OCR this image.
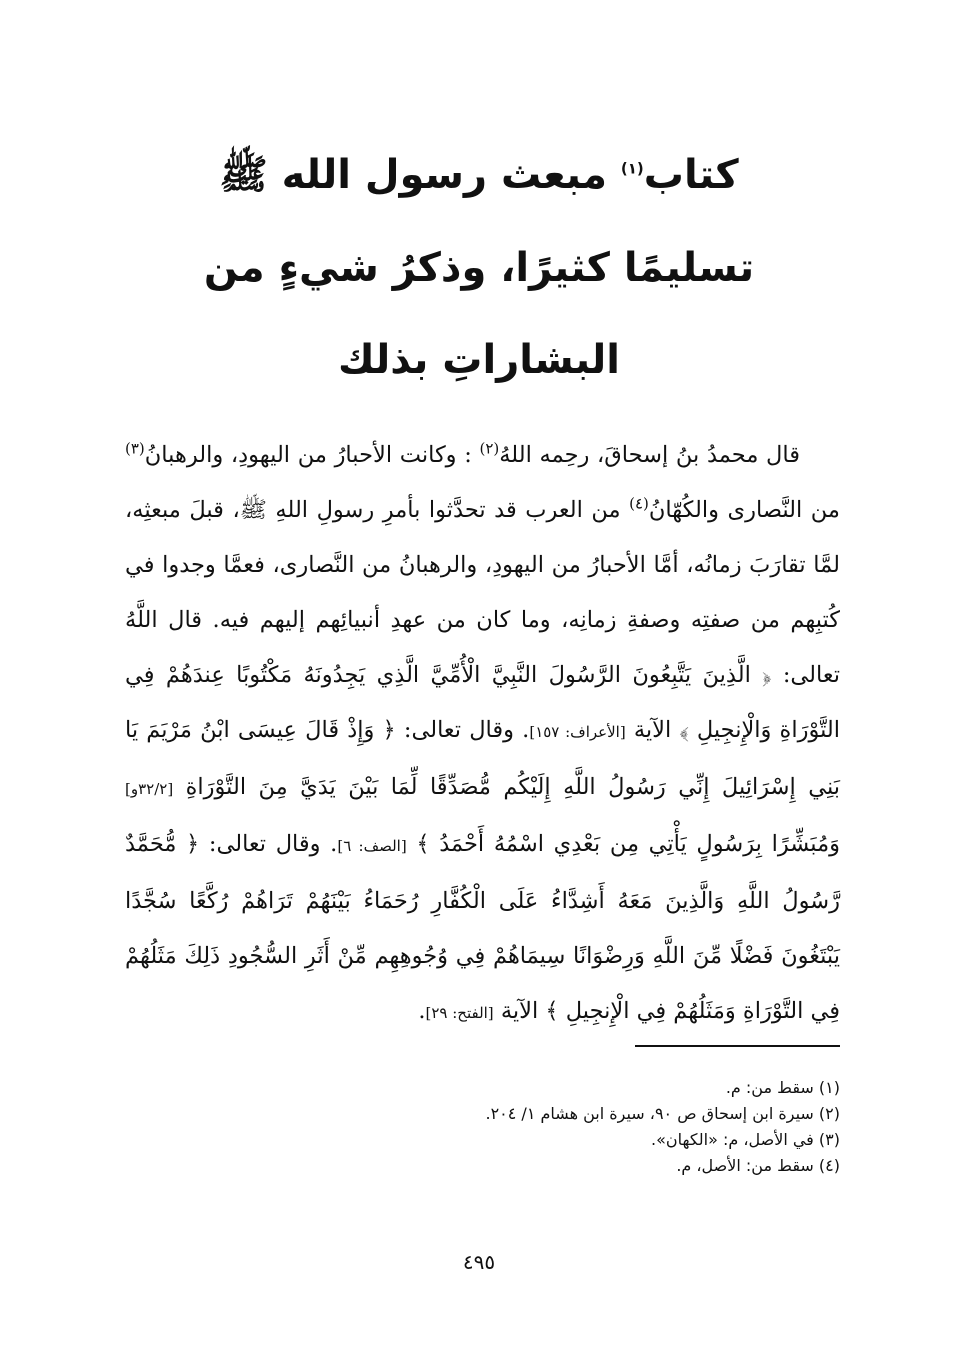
كتاب$^{(١)}$ مبعث رسول الله ﷺ
تسليمًا كثيرًا، وذكرُ شيءٍ من
البشاراتِ بذلك

قال محمدُ بنُ إسحاقَ، رحِمه اللهُ$^{(٢)}$ : وكانت الأحبارُ من اليهودِ، والرهبانُ$^{(٣)}$ من النَّصارى والكُهّانُ$^{(٤)}$ من العرب قد تحدَّثوا بأمرِ رسولِ اللهِ ﷺ، قبلَ مبعثِه، لمَّا تقارَبَ زمانُه، أمَّا الأحبارُ من اليهودِ، والرهبانُ من النَّصارى، فعمَّا وجدوا في كُتبِهم من صفتِه وصفةِ زمانِه، وما كان من عهدِ أنبيائِهم إليهم فيه. قال اللَّهُ تعالى: ﴿ الَّذِينَ يَتَّبِعُونَ الرَّسُولَ النَّبِيَّ الْأُمِّيَّ الَّذِي يَجِدُونَهُ مَكْتُوبًا عِندَهُمْ فِي التَّوْرَاةِ وَالْإِنجِيلِ ﴾ الآية [الأعراف: ١٥٧]. وقال تعالى: ﴿ وَإِذْ قَالَ عِيسَى ابْنُ مَرْيَمَ يَا بَنِي إِسْرَائِيلَ إِنِّي رَسُولُ اللَّهِ إِلَيْكُم مُّصَدِّقًا لِّمَا بَيْنَ يَدَيَّ مِنَ التَّوْرَاةِ [٣٢/٢و] وَمُبَشِّرًا بِرَسُولٍ يَأْتِي مِن بَعْدِي اسْمُهُ أَحْمَدُ ﴾ [الصف: ٦]. وقال تعالى: ﴿ مُّحَمَّدٌ رَّسُولُ اللَّهِ وَالَّذِينَ مَعَهُ أَشِدَّاءُ عَلَى الْكُفَّارِ رُحَمَاءُ بَيْنَهُمْ تَرَاهُمْ رُكَّعًا سُجَّدًا يَبْتَغُونَ فَضْلًا مِّنَ اللَّهِ وَرِضْوَانًا سِيمَاهُمْ فِي وُجُوهِهِم مِّنْ أَثَرِ السُّجُودِ ذَلِكَ مَثَلُهُمْ فِي التَّوْرَاةِ وَمَثَلُهُمْ فِي الْإِنجِيلِ ﴾ الآية [الفتح: ٢٩].

(١) سقط من: م.
(٢) سيرة ابن إسحاق ص ٩٠، سيرة ابن هشام ١/ ٢٠٤.
(٣) في الأصل، م: «الكهان».
(٤) سقط من: الأصل، م.
٤٩٥
